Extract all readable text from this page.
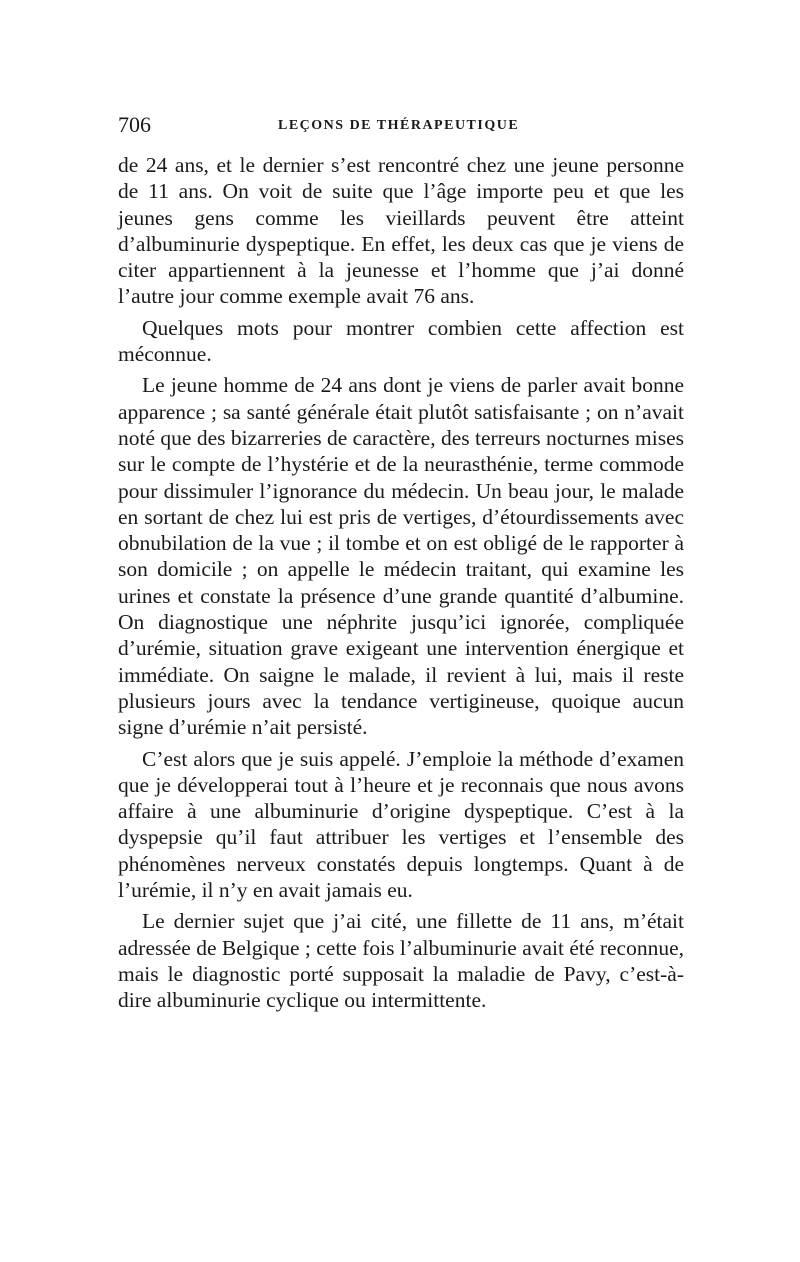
706	LEÇONS DE THÉRAPEUTIQUE

de 24 ans, et le dernier s’est rencontré chez une jeune personne de 11 ans. On voit de suite que l’âge importe peu et que les jeunes gens comme les vieillards peuvent être atteint d’albuminurie dyspeptique. En effet, les deux cas que je viens de citer appartiennent à la jeunesse et l’homme que j’ai donné l’autre jour comme exemple avait 76 ans.

Quelques mots pour montrer combien cette affection est méconnue.

Le jeune homme de 24 ans dont je viens de parler avait bonne apparence ; sa santé générale était plutôt satisfaisante ; on n’avait noté que des bizarreries de caractère, des terreurs nocturnes mises sur le compte de l’hystérie et de la neurasthénie, terme commode pour dissimuler l’ignorance du médecin. Un beau jour, le malade en sortant de chez lui est pris de vertiges, d’étourdissements avec obnubilation de la vue ; il tombe et on est obligé de le rapporter à son domicile ; on appelle le médecin traitant, qui examine les urines et constate la présence d’une grande quantité d’albumine. On diagnostique une néphrite jusqu’ici ignorée, compliquée d’urémie, situation grave exigeant une intervention énergique et immédiate. On saigne le malade, il revient à lui, mais il reste plusieurs jours avec la tendance vertigineuse, quoique aucun signe d’urémie n’ait persisté.

C’est alors que je suis appelé. J’emploie la méthode d’examen que je développerai tout à l’heure et je reconnais que nous avons affaire à une albuminurie d’origine dyspeptique. C’est à la dyspepsie qu’il faut attribuer les vertiges et l’ensemble des phénomènes nerveux constatés depuis longtemps. Quant à de l’urémie, il n’y en avait jamais eu.

Le dernier sujet que j’ai cité, une fillette de 11 ans, m’était adressée de Belgique ; cette fois l’albuminurie avait été reconnue, mais le diagnostic porté supposait la maladie de Pavy, c’est-à-dire albuminurie cyclique ou intermittente.
